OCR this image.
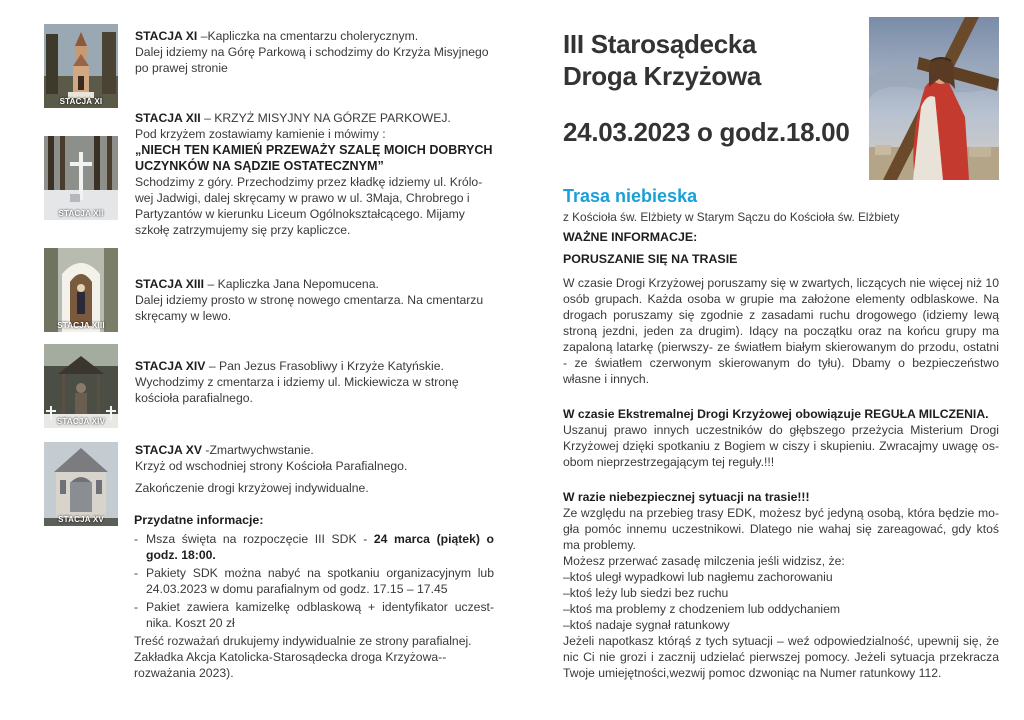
STACJA XI

STACJA XI –Kapliczka na cmentarzu cholerycznym.

Dalej idziemy na Górę Parkową i schodzimy do Krzyża Misyjnego po prawej stronie

STACJA XII

STACJA XII – KRZYŻ MISYJNY NA GÓRZE PARKOWEJ.

Pod krzyżem zostawiamy kamienie i mówimy :

„NIECH TEN KAMIEŃ PRZEWAŻY SZALĘ MOICH DOBRYCH UCZYNKÓW NA SĄDZIE OSTATECZNYM”

Schodzimy z góry. Przechodzimy przez kładkę idziemy ul. Królowej Jadwigi, dalej skręcamy w prawo w ul. 3Maja, Chrobrego i Partyzantów w kierunku Liceum Ogólnokształcącego. Mijamy szkołę zatrzymujemy się przy kapliczce.

STACJA XIII

STACJA XIII – Kapliczka Jana Nepomucena.

Dalej idziemy prosto w stronę nowego cmentarza. Na cmentarzu skręcamy w lewo.

STACJA XIV

STACJA XIV – Pan Jezus Frasobliwy i Krzyże Katyńskie. Wychodzimy z cmentarza i idziemy ul. Mickiewicza w stronę kościoła parafialnego.

STACJA XV

STACJA XV -Zmartwychwstanie.

Krzyż od wschodniej strony Kościoła Parafialnego.

Zakończenie drogi krzyżowej indywidualne.

Przydatne informacje:
- Msza święta na rozpoczęcie III SDK - 24 marca (piątek) o godz. 18:00.
- Pakiety SDK można nabyć na spotkaniu organizacyjnym lub 24.03.2023 w domu parafialnym od godz. 17.15 – 17.45
- Pakiet zawiera kamizelkę odblaskową + identyfikator uczestnika. Koszt 20 zł

Treść rozważań drukujemy indywidualnie ze strony parafialnej. Zakładka Akcja Katolicka-Starosądecka droga Krzyżowa--rozważania 2023).

III Starosądecka
Droga Krzyżowa
24.03.2023 o godz.18.00
Trasa niebieska
z Kościoła św. Elżbiety w Starym Sączu do Kościoła św. Elżbiety
WAŻNE INFORMACJE:
PORUSZANIE SIĘ NA TRASIE

W czasie Drogi Krzyżowej poruszamy się w zwartych, liczących nie więcej niż 10 osób grupach. Każda osoba w grupie ma założone elementy odblaskowe. Na drogach poruszamy się zgodnie z zasadami ruchu drogowego (idziemy lewą stroną jezdni, jeden za drugim). Idący na początku oraz na końcu grupy ma zapaloną latarkę (pierwszy- ze światłem białym skierowanym do przodu, ostatni - ze światłem czerwonym skierowanym do tyłu). Dbamy o bezpieczeństwo własne i innych.

W czasie Ekstremalnej Drogi Krzyżowej obowiązuje REGUŁA MILCZENIA.

Uszanuj prawo innych uczestników do głębszego przeżycia Misterium Drogi Krzyżowej dzięki spotkaniu z Bogiem w ciszy i skupieniu. Zwracajmy uwagę osobom nieprzestrzegającym tej reguły.!!!

W razie niebezpiecznej sytuacji na trasie!!!

Ze względu na przebieg trasy EDK, możesz być jedyną osobą, która będzie mogła pomóc innemu uczestnikowi. Dlatego nie wahaj się zareagować, gdy ktoś ma problemy.

Możesz przerwać zasadę milczenia jeśli widzisz, że:

–ktoś uległ wypadkowi lub nagłemu zachorowaniu

–ktoś leży lub siedzi bez ruchu

–ktoś ma problemy z chodzeniem lub oddychaniem

–ktoś nadaje sygnał ratunkowy

Jeżeli napotkasz którąś z tych sytuacji – weź odpowiedzialność, upewnij się, że nic Ci nie grozi i zacznij udzielać pierwszej pomocy. Jeżeli sytuacja przekracza Twoje umiejętności,wezwij pomoc dzwoniąc na Numer ratunkowy 112.
